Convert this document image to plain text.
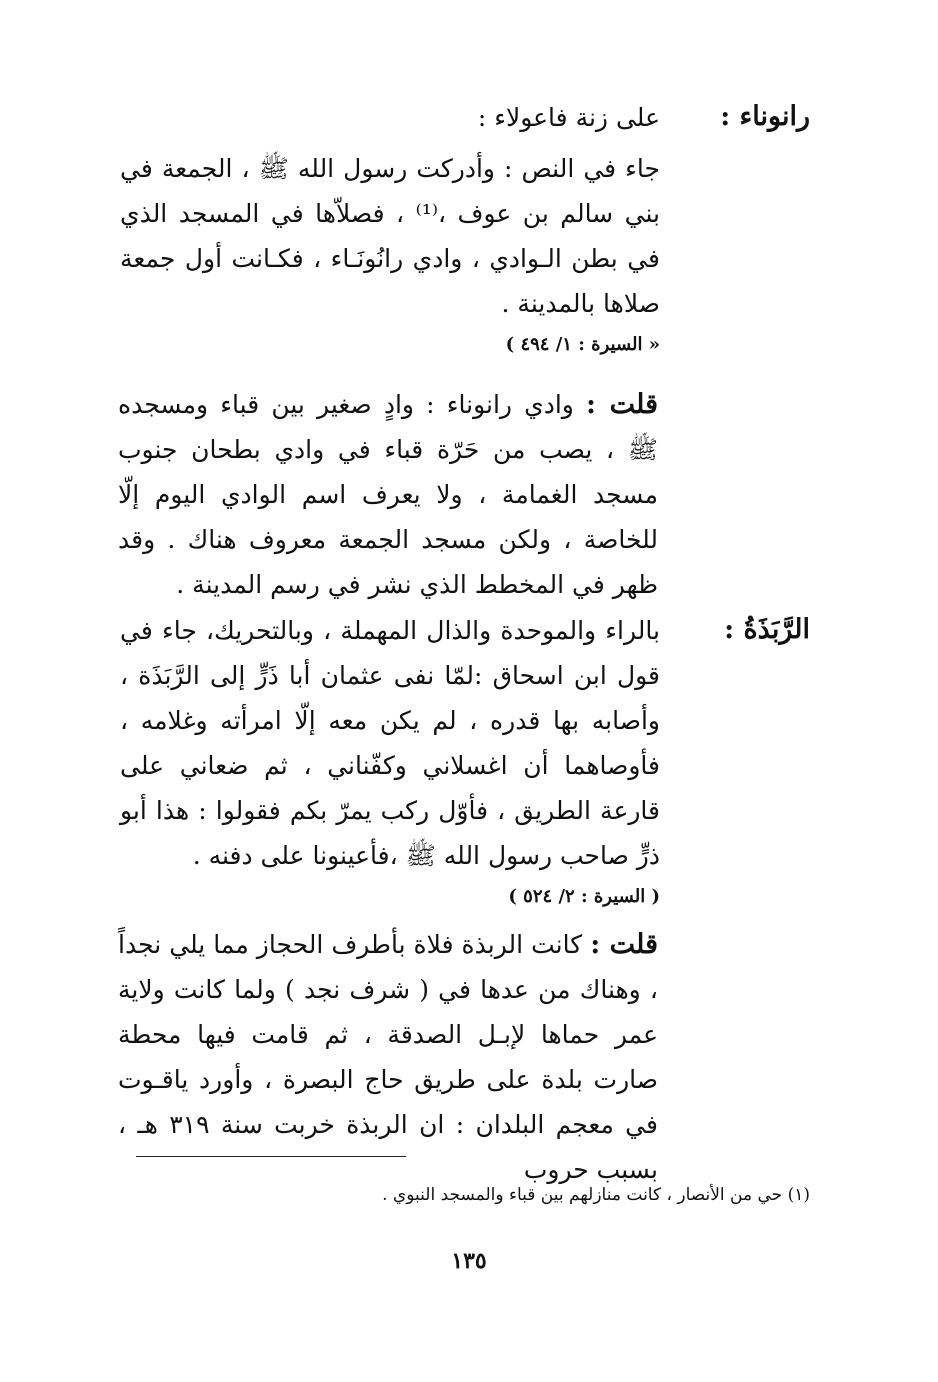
رانوناء :

على زنة فاعولاء :

جاء في النص : وأدركت رسول الله ﷺ ، الجمعة في بني سالم بن عوف ،⁽¹⁾ ، فصلاّها في المسجد الذي في بطن الـوادي ، وادي رانُونَـاء ، فكـانت أول جمعة صلاها بالمدينة .

« السيرة : ١/ ٤٩٤ )
قلت : وادي رانوناء : وادٍ صغير بين قباء ومسجده ﷺ ، يصب من حَرّة قباء في وادي بطحان جنوب مسجد الغمامة ، ولا يعرف اسم الوادي اليوم إلّا للخاصة ، ولكن مسجد الجمعة معروف هناك . وقد ظهر في المخطط الذي نشر في رسم المدينة .
الرَّبَذَةُ :

بالراء والموحدة والذال المهملة ، وبالتحريك، جاء في قول ابن اسحاق :لمّا نفى عثمان أبا ذَرٍّ إلى الرَّبَذَة ، وأصابه بها قدره ، لم يكن معه إلّا امرأته وغلامه ، فأوصاهما أن اغسلاني وكفّناني ، ثم ضعاني على قارعة الطريق ، فأوّل ركب يمرّ بكم فقولوا : هذا أبو ذرٍّ صاحب رسول الله ﷺ ،فأعينونا على دفنه .

( السيرة : ٢/ ٥٢٤ )
قلت : كانت الربذة فلاة بأطرف الحجاز مما يلي نجداً ، وهناك من عدها في ( شرف نجد ) ولما كانت ولاية عمر حماها لإبـل الصدقة ، ثم قامت فيها محطة صارت بلدة على طريق حاج البصرة ، وأورد ياقـوت في معجم البلدان : ان الربذة خربت سنة ٣١٩ هـ ، بسبب حروب
(١) حي من الأنصار ، كانت منازلهم بين قباء والمسجد النبوي .
١٣٥
